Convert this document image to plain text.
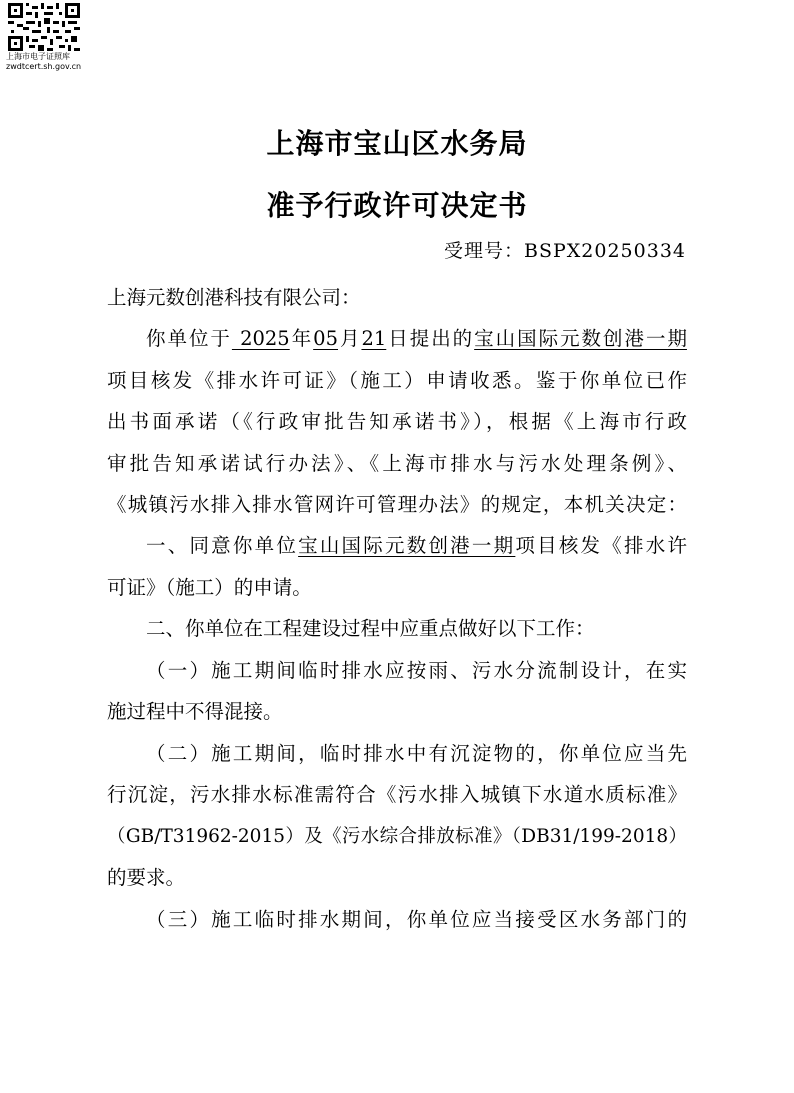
上海市电子证照库
zwdtcert.sh.gov.cn
上海市宝山区水务局
准予行政许可决定书
受理号：BSPX20250334
上海元数创港科技有限公司：
你单位于 2025年05月21日提出的宝山国际元数创港一期
项目核发《排水许可证》（施工）申请收悉。鉴于你单位已作
出书面承诺（《行政审批告知承诺书》），根据《上海市行政
审批告知承诺试行办法》、《上海市排水与污水处理条例》、
《城镇污水排入排水管网许可管理办法》的规定，本机关决定：
一、同意你单位宝山国际元数创港一期项目核发《排水许
可证》（施工）的申请。
二、你单位在工程建设过程中应重点做好以下工作：
（一）施工期间临时排水应按雨、污水分流制设计，在实
施过程中不得混接。
（二）施工期间，临时排水中有沉淀物的，你单位应当先
行沉淀，污水排水标准需符合《污水排入城镇下水道水质标准》
（GB/T31962-2015）及《污水综合排放标准》（DB31/199-2018）
的要求。
（三）施工临时排水期间，你单位应当接受区水务部门的
